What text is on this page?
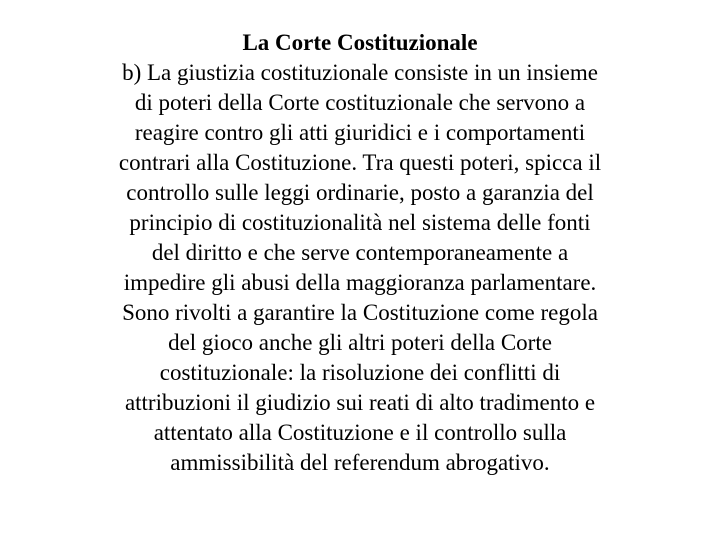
La Corte Costituzionale

b) La giustizia costituzionale consiste in un insieme

di poteri della Corte costituzionale che servono a

reagire contro gli atti giuridici e i comportamenti

contrari alla Costituzione. Tra questi poteri, spicca il

controllo sulle leggi ordinarie, posto a garanzia del

principio di costituzionalità nel sistema delle fonti

del diritto e che serve contemporaneamente a

impedire gli abusi della maggioranza parlamentare.

Sono rivolti a garantire la Costituzione come regola

del gioco anche gli altri poteri della Corte

costituzionale: la risoluzione dei conflitti di

attribuzioni il giudizio sui reati di alto tradimento e

attentato alla Costituzione e il controllo sulla

ammissibilità del referendum abrogativo.
